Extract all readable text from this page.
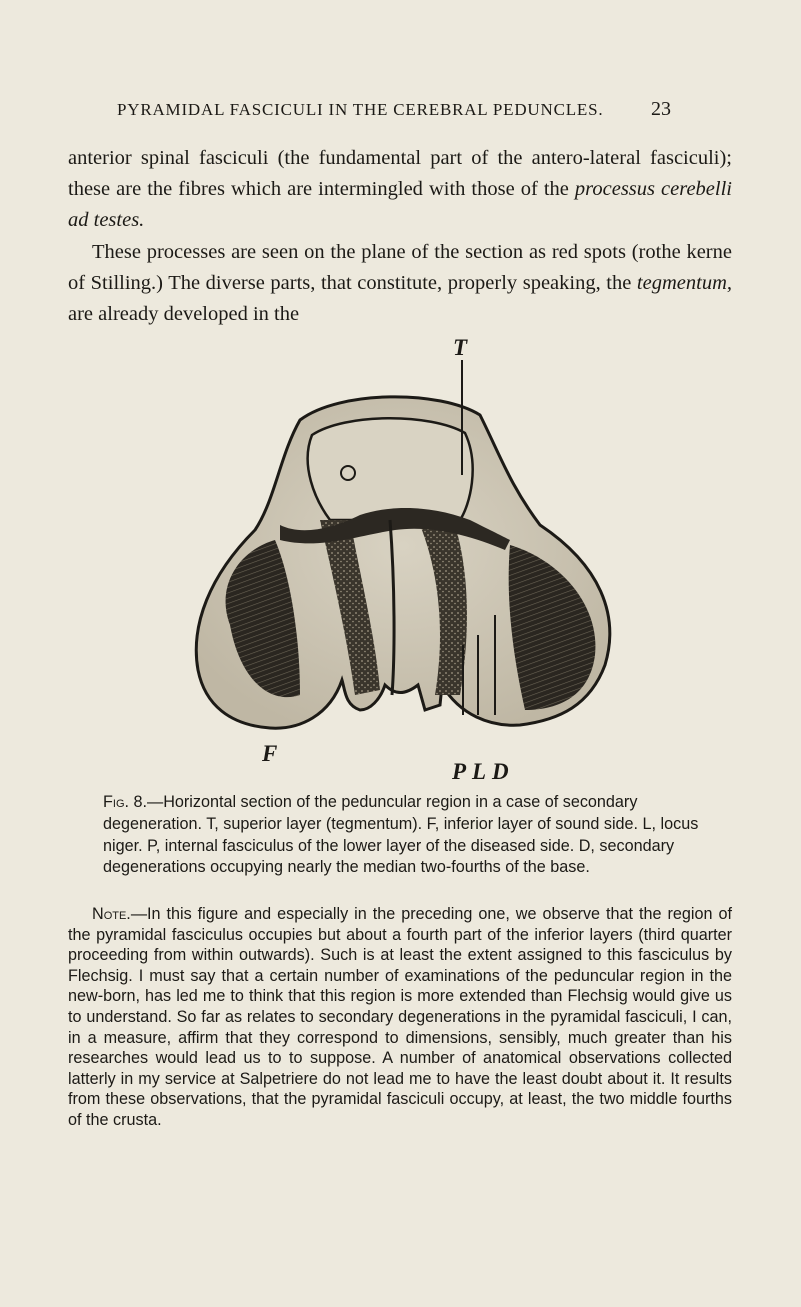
PYRAMIDAL FASCICULI IN THE CEREBRAL PEDUNCLES. 23

anterior spinal fasciculi (the fundamental part of the antero-lateral fasciculi); these are the fibres which are intermingled with those of the processus cerebelli ad testes.

These processes are seen on the plane of the section as red spots (rothe kerne of Stilling.) The diverse parts, that constitute, properly speaking, the tegmentum, are already developed in the

T
F
P L D
Fig. 8.—Horizontal section of the peduncular region in a case of secondary degeneration. T, superior layer (tegmentum). F, inferior layer of sound side. L, locus niger. P, internal fasciculus of the lower layer of the diseased side. D, secondary degenerations occupying nearly the median two-fourths of the base.
Note.—In this figure and especially in the preceding one, we observe that the region of the pyramidal fasciculus occupies but about a fourth part of the inferior layers (third quarter proceeding from within outwards). Such is at least the extent assigned to this fasciculus by Flechsig. I must say that a certain number of examinations of the peduncular region in the new-born, has led me to think that this region is more extended than Flechsig would give us to understand. So far as relates to secondary degenerations in the pyramidal fasciculi, I can, in a measure, affirm that they correspond to dimensions, sensibly, much greater than his researches would lead us to to suppose. A number of anatomical observations collected latterly in my service at Salpetriere do not lead me to have the least doubt about it. It results from these observations, that the pyramidal fasciculi occupy, at least, the two middle fourths of the crusta.
